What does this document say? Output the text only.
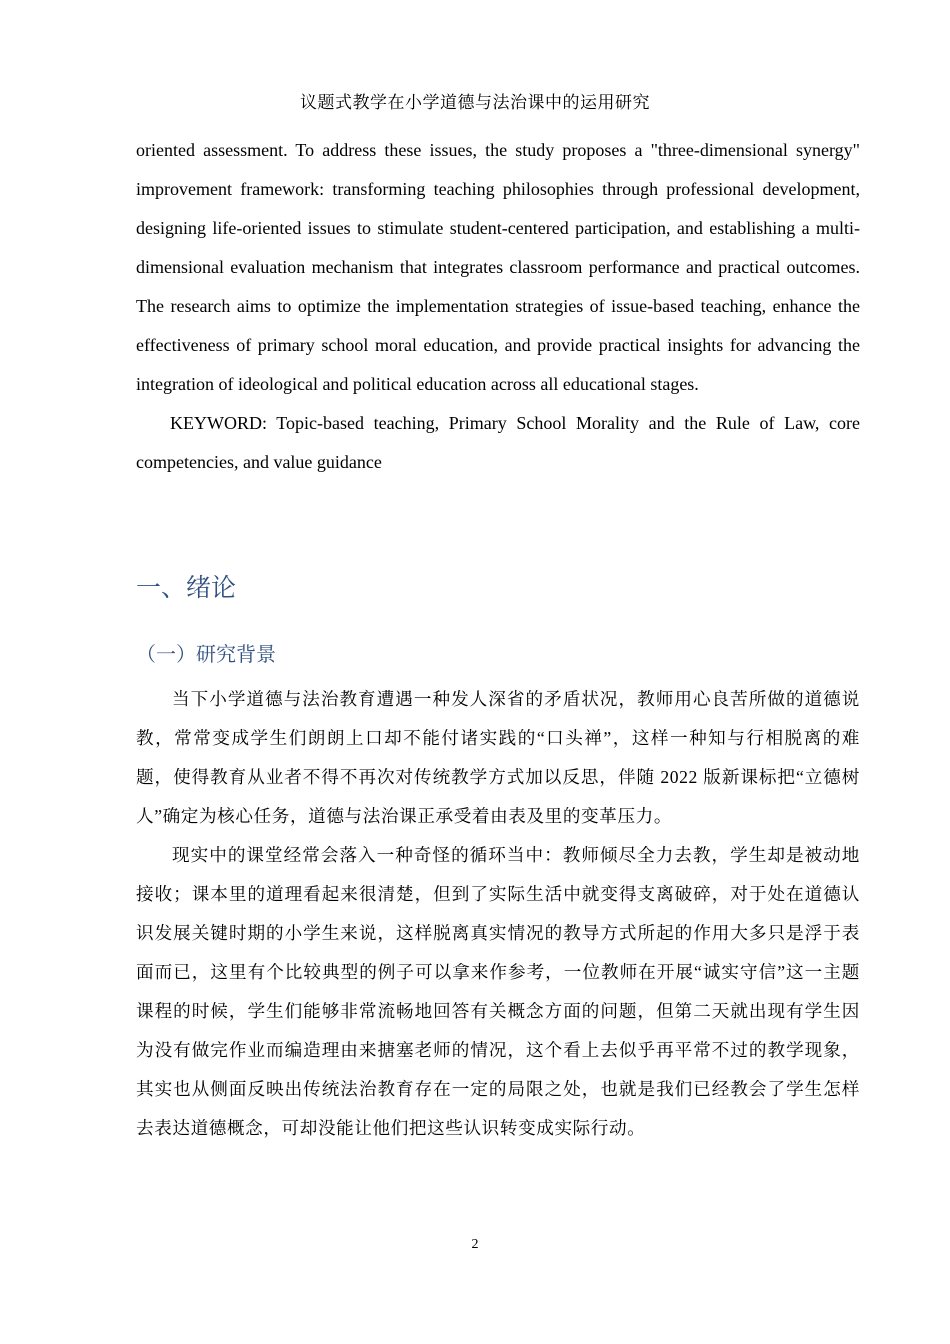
议题式教学在小学道德与法治课中的运用研究

oriented assessment. To address these issues, the study proposes a "three-dimensional synergy" improvement framework: transforming teaching philosophies through professional development, designing life-oriented issues to stimulate student-centered participation, and establishing a multi-dimensional evaluation mechanism that integrates classroom performance and practical outcomes. The research aims to optimize the implementation strategies of issue-based teaching, enhance the effectiveness of primary school moral education, and provide practical insights for advancing the integration of ideological and political education across all educational stages.

KEYWORD: Topic-based teaching, Primary School Morality and the Rule of Law, core competencies, and value guidance

一、绪论
（一）研究背景

当下小学道德与法治教育遭遇一种发人深省的矛盾状况，教师用心良苦所做的道德说教，常常变成学生们朗朗上口却不能付诸实践的“口头禅”，这样一种知与行相脱离的难题，使得教育从业者不得不再次对传统教学方式加以反思，伴随 2022 版新课标把“立德树人”确定为核心任务，道德与法治课正承受着由表及里的变革压力。

现实中的课堂经常会落入一种奇怪的循环当中：教师倾尽全力去教，学生却是被动地接收；课本里的道理看起来很清楚，但到了实际生活中就变得支离破碎，对于处在道德认识发展关键时期的小学生来说，这样脱离真实情况的教导方式所起的作用大多只是浮于表面而已，这里有个比较典型的例子可以拿来作参考，一位教师在开展“诚实守信”这一主题课程的时候，学生们能够非常流畅地回答有关概念方面的问题，但第二天就出现有学生因为没有做完作业而编造理由来搪塞老师的情况，这个看上去似乎再平常不过的教学现象，其实也从侧面反映出传统法治教育存在一定的局限之处，也就是我们已经教会了学生怎样去表达道德概念，可却没能让他们把这些认识转变成实际行动。

2
